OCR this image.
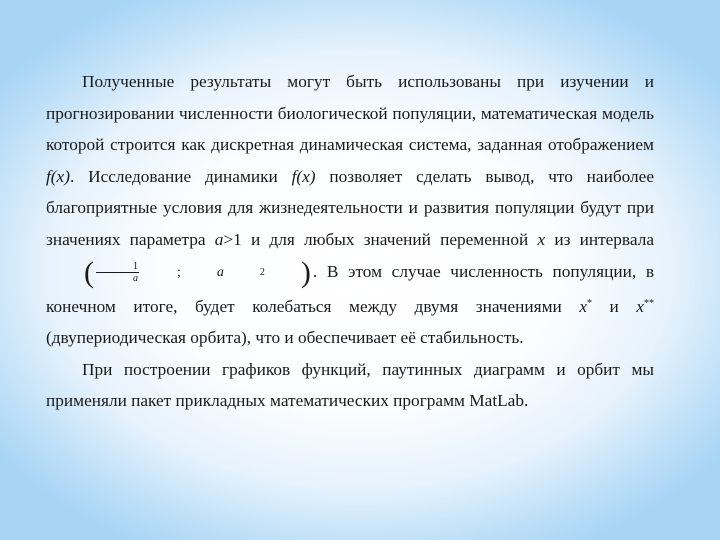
Полученные результаты могут быть использованы при изучении и прогнозировании численности биологической популяции, математическая модель которой строится как дискретная динамическая система, заданная отображением f(x). Исследование динамики f(x) позволяет сделать вывод, что наиболее благоприятные условия для жизнедеятельности и развития популяции будут при значениях параметра a>1 и для любых значений переменной x из интервала
( $\frac{1}{a}$	;	a	2	) . В этом случае численность популяции, в конечном итоге, будет колебаться между двумя значениями x* и x** (двупериодическая орбита), что и обеспечивает её стабильность.

При построении графиков функций, паутинных диаграмм и орбит мы применяли пакет прикладных математических программ MatLab.
